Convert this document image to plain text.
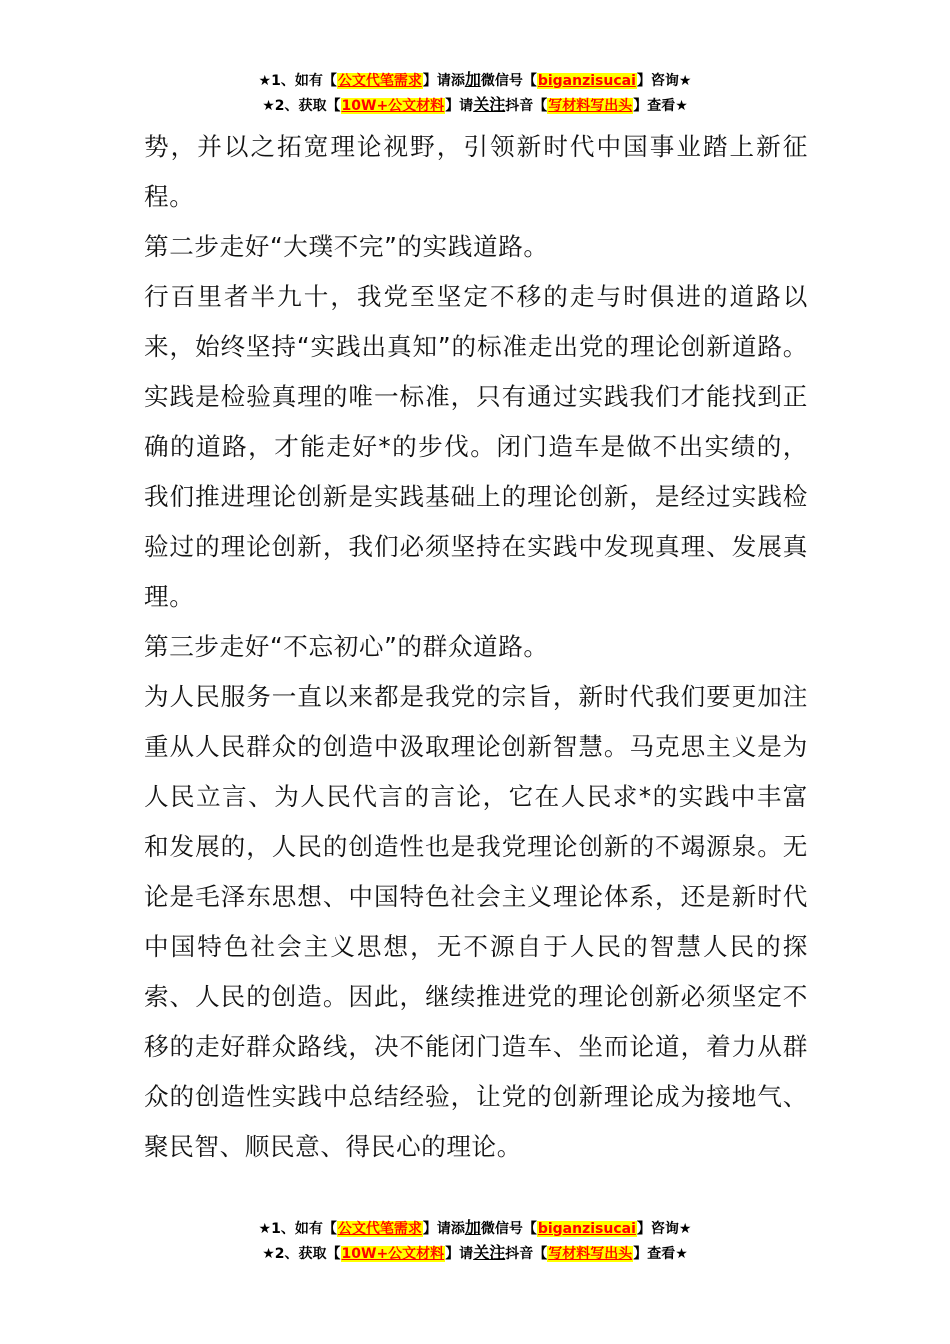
★1、如有【公文代笔需求】请添加微信号【biganzisucai】咨询★
★2、获取【10W+公文材料】请关注抖音【写材料写出头】查看★

势，并以之拓宽理论视野，引领新时代中国事业踏上新征程。

第二步走好“大璞不完”的实践道路。

行百里者半九十，我党至坚定不移的走与时俱进的道路以来，始终坚持“实践出真知”的标准走出党的理论创新道路。实践是检验真理的唯一标准，只有通过实践我们才能找到正确的道路，才能走好*的步伐。闭门造车是做不出实绩的，我们推进理论创新是实践基础上的理论创新，是经过实践检验过的理论创新，我们必须坚持在实践中发现真理、发展真理。

第三步走好“不忘初心”的群众道路。

为人民服务一直以来都是我党的宗旨，新时代我们要更加注重从人民群众的创造中汲取理论创新智慧。马克思主义是为人民立言、为人民代言的言论，它在人民求*的实践中丰富和发展的，人民的创造性也是我党理论创新的不竭源泉。无论是毛泽东思想、中国特色社会主义理论体系，还是新时代中国特色社会主义思想，无不源自于人民的智慧人民的探索、人民的创造。因此，继续推进党的理论创新必须坚定不移的走好群众路线，决不能闭门造车、坐而论道，着力从群众的创造性实践中总结经验，让党的创新理论成为接地气、聚民智、顺民意、得民心的理论。

★1、如有【公文代笔需求】请添加微信号【biganzisucai】咨询★
★2、获取【10W+公文材料】请关注抖音【写材料写出头】查看★
